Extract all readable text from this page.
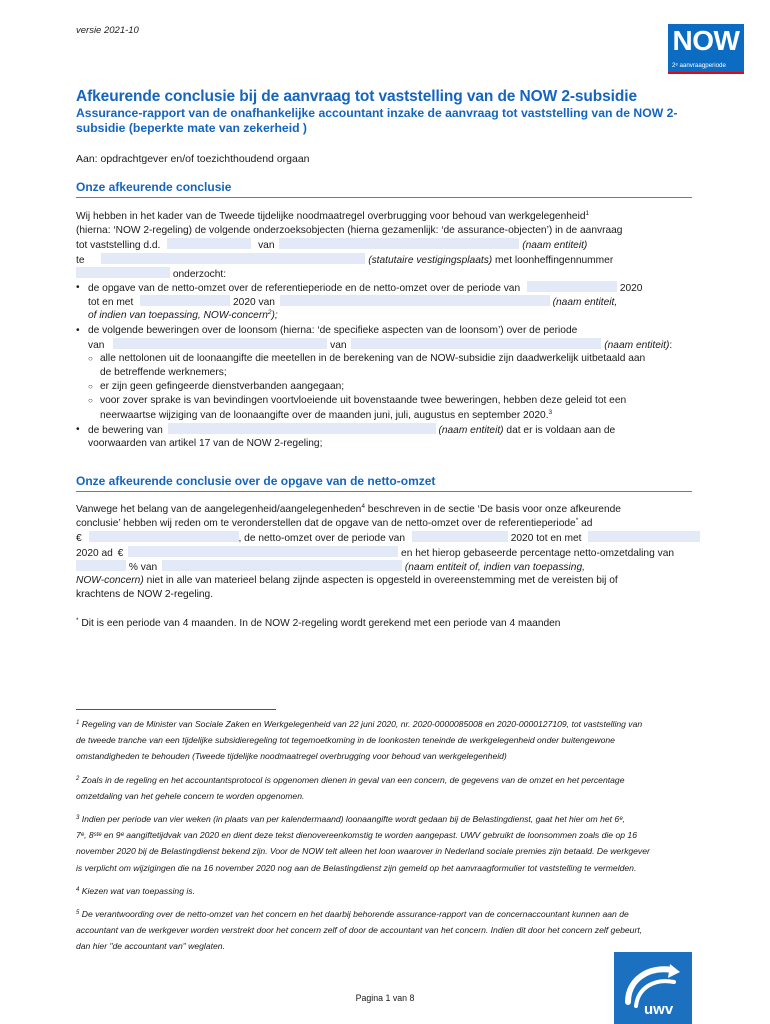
versie 2021-10	NOW
2ᵉ aanvraagperiode
Afkeurende conclusie bij de aanvraag tot vaststelling van de NOW 2-subsidie

Assurance-rapport van de onafhankelijke accountant inzake de aanvraag tot vaststelling van de NOW 2-subsidie (beperkte mate van zekerheid )

Aan: opdrachtgever en/of toezichthoudend orgaan
Onze afkeurende conclusie
Wij hebben in het kader van de Tweede tijdelijke noodmaatregel overbrugging voor behoud van werkgelegenheid$^1$
(hierna: ‘NOW 2-regeling) de volgende onderzoeksobjecten (hierna gezamenlijk: ‘de assurance-objecten’) in de aanvraag
tot vaststelling d.d.	van	(naam entiteit)
te	(statutaire vestigingsplaats) met loonheffingennummer
onderzocht:
• de opgave van de netto-omzet over de referentieperiode en de netto-omzet over de periode van	2020
tot en met	2020 van	(naam entiteit,
of indien van toepassing, NOW-concern$^2$);
• de volgende beweringen over de loonsom (hierna: ‘de specifieke aspecten van de loonsom’) over de periode
van	van	(naam entiteit):
○ alle nettolonen uit de loonaangifte die meetellen in de berekening van de NOW-subsidie zijn daadwerkelijk uitbetaald aan
de betreffende werknemers;
○ er zijn geen gefingeerde dienstverbanden aangegaan;
○ voor zover sprake is van bevindingen voortvloeiende uit bovenstaande twee beweringen, hebben deze geleid tot een
neerwaartse wijziging van de loonaangifte over de maanden juni, juli, augustus en september 2020.$^3$
• de bewering van	(naam entiteit) dat er is voldaan aan de
voorwaarden van artikel 17 van de NOW 2-regeling;
Onze afkeurende conclusie over de opgave van de netto-omzet
Vanwege het belang van de aangelegenheid/aangelegenheden$^4$ beschreven in de sectie ‘De basis voor onze afkeurende
conclusie’ hebben wij reden om te veronderstellen dat de opgave van de netto-omzet over de referentieperiode* ad
€	, de netto-omzet over de periode van	2020 tot en met
2020 ad €	en het hierop gebaseerde percentage netto-omzetdaling van
% van	(naam entiteit of, indien van toepassing,
NOW-concern) niet in alle van materieel belang zijnde aspecten is opgesteld in overeenstemming met de vereisten bij of
krachtens de NOW 2-regeling.
* Dit is een periode van 4 maanden. In de NOW 2-regeling wordt gerekend met een periode van 4 maanden
$^1$ Regeling van de Minister van Sociale Zaken en Werkgelegenheid van 22 juni 2020, nr. 2020-0000085008 en 2020-0000127109, tot vaststelling van
de tweede tranche van een tijdelijke subsidieregeling tot tegemoetkoming in de loonkosten teneinde de werkgelegenheid onder buitengewone
omstandigheden te behouden (Tweede tijdelijke noodmaatregel overbrugging voor behoud van werkgelegenheid)
$^2$ Zoals in de regeling en het accountantsprotocol is opgenomen dienen in geval van een concern, de gegevens van de omzet en het percentage
omzetdaling van het gehele concern te worden opgenomen.
$^3$ Indien per periode van vier weken (in plaats van per kalendermaand) loonaangifte wordt gedaan bij de Belastingdienst, gaat het hier om het 6ᵉ,
7ᵉ, 8ˢᵗᵉ en 9ᵉ aangiftetijdvak van 2020 en dient deze tekst dienovereenkomstig te worden aangepast. UWV gebruikt de loonsommen zoals die op 16
november 2020 bij de Belastingdienst bekend zijn. Voor de NOW telt alleen het loon waarover in Nederland sociale premies zijn betaald. De werkgever
is verplicht om wijzigingen die na 16 november 2020 nog aan de Belastingdienst zijn gemeld op het aanvraagformulier tot vaststelling te vermelden.
$^4$ Kiezen wat van toepassing is.
$^5$ De verantwoording over de netto-omzet van het concern en het daarbij behorende assurance-rapport van de concernaccountant kunnen aan de
accountant van de werkgever worden verstrekt door het concern zelf of door de accountant van het concern. Indien dit door het concern zelf gebeurt,
dan hier "de accountant van" weglaten.
Pagina 1 van 8
uwv
